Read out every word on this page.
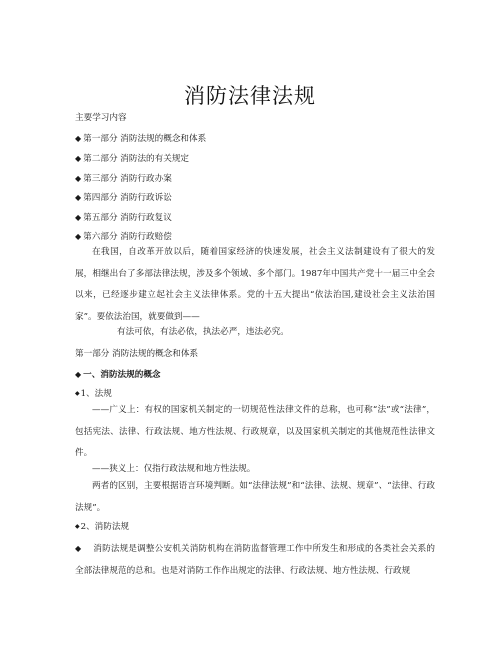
消防法律法规
主要学习内容
◆ 第一部分 消防法规的概念和体系
◆ 第二部分 消防法的有关规定
◆ 第三部分 消防行政办案
◆ 第四部分 消防行政诉讼
◆ 第五部分 消防行政复议
◆ 第六部分 消防行政赔偿
在我国，自改革开放以后，随着国家经济的快速发展，社会主义法制建设有了很大的发展，相继出台了多部法律法规，涉及多个领域、多个部门。1987年中国共产党十一届三中全会以来，已经逐步建立起社会主义法律体系。党的十五大提出“依法治国,建设社会主义法治国家”。要依法治国，就要做到——
有法可依，有法必依，执法必严，违法必究。
第一部分 消防法规的概念和体系
◆ 一、消防法规的概念
◆1、法规
——广义上：有权的国家机关制定的一切规范性法律文件的总称，也可称“法”或“法律”，包括宪法、法律、行政法规、地方性法规、行政规章，以及国家机关制定的其他规范性法律文件。
——狭义上：仅指行政法规和地方性法规。
两者的区别，主要根据语言环境判断。如“法律法规”和“法律、法规、规章”、“法律、行政法规”。
◆2、消防法规
◆ 消防法规是调整公安机关消防机构在消防监督管理工作中所发生和形成的各类社会关系的全部法律规范的总和。也是对消防工作作出规定的法律、行政法规、地方性法规、行政规
